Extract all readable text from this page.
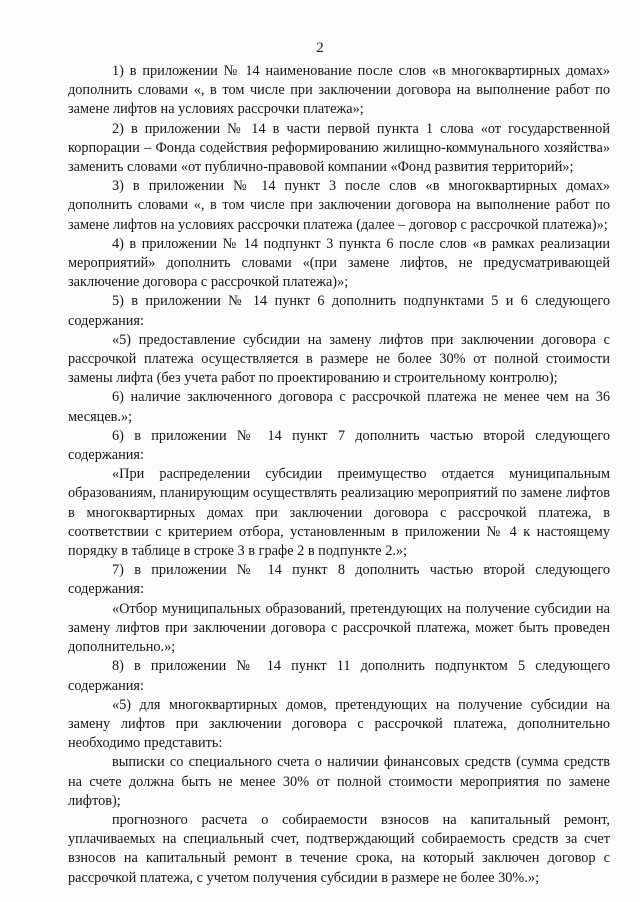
2

1) в приложении № 14 наименование после слов «в многоквартирных домах» дополнить словами «, в том числе при заключении договора на выполнение работ по замене лифтов на условиях рассрочки платежа»;

2) в приложении № 14 в части первой пункта 1 слова «от государственной корпорации – Фонда содействия реформированию жилищно-коммунального хозяйства» заменить словами «от публично-правовой компании «Фонд развития территорий»;

3) в приложении № 14 пункт 3 после слов «в многоквартирных домах» дополнить словами «, в том числе при заключении договора на выполнение работ по замене лифтов на условиях рассрочки платежа (далее – договор с рассрочкой платежа)»;

4) в приложении № 14 подпункт 3 пункта 6 после слов «в рамках реализации мероприятий» дополнить словами «(при замене лифтов, не предусматривающей заключение договора с рассрочкой платежа)»;

5) в приложении № 14 пункт 6 дополнить подпунктами 5 и 6 следующего содержания:

«5) предоставление субсидии на замену лифтов при заключении договора с рассрочкой платежа осуществляется в размере не более 30% от полной стоимости замены лифта (без учета работ по проектированию и строительному контролю);

6) наличие заключенного договора с рассрочкой платежа не менее чем на 36 месяцев.»;

6) в приложении № 14 пункт 7 дополнить частью второй следующего содержания:

«При распределении субсидии преимущество отдается муниципальным образованиям, планирующим осуществлять реализацию мероприятий по замене лифтов в многоквартирных домах при заключении договора с рассрочкой платежа, в соответствии с критерием отбора, установленным в приложении № 4 к настоящему порядку в таблице в строке 3 в графе 2 в подпункте 2.»;

7) в приложении № 14 пункт 8 дополнить частью второй следующего содержания:

«Отбор муниципальных образований, претендующих на получение субсидии на замену лифтов при заключении договора с рассрочкой платежа, может быть проведен дополнительно.»;

8) в приложении № 14 пункт 11 дополнить подпунктом 5 следующего содержания:

«5) для многоквартирных домов, претендующих на получение субсидии на замену лифтов при заключении договора с рассрочкой платежа, дополнительно необходимо представить:

выписки со специального счета о наличии финансовых средств (сумма средств на счете должна быть не менее 30% от полной стоимости мероприятия по замене лифтов);

прогнозного расчета о собираемости взносов на капитальный ремонт, уплачиваемых на специальный счет, подтверждающий собираемость средств за счет взносов на капитальный ремонт в течение срока, на который заключен договор с рассрочкой платежа, с учетом получения субсидии в размере не более 30%.»;
